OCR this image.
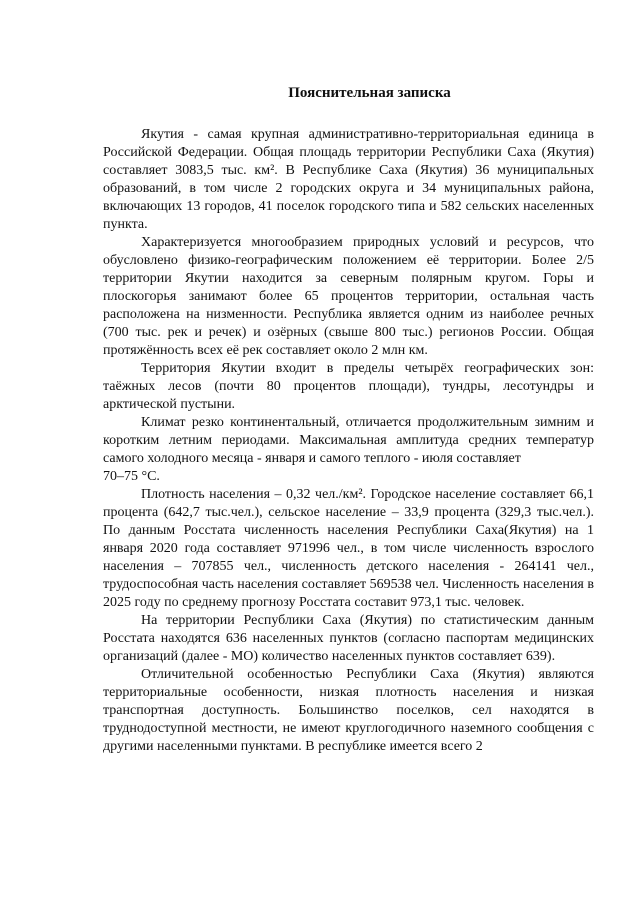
Пояснительная записка

Якутия - самая крупная административно-территориальная единица в Российской Федерации. Общая площадь территории Республики Саха (Якутия) составляет 3083,5 тыс. км². В Республике Саха (Якутия) 36 муниципальных образований, в том числе 2 городских округа и 34 муниципальных района, включающих 13 городов, 41 поселок городского типа и 582 сельских населенных пункта.

Характеризуется многообразием природных условий и ресурсов, что обусловлено физико-географическим положением её территории. Более 2/5 территории Якутии находится за северным полярным кругом. Горы и плоскогорья занимают более 65 процентов территории, остальная часть расположена на низменности. Республика является одним из наиболее речных (700 тыс. рек и речек) и озёрных (свыше 800 тыс.) регионов России. Общая протяжённость всех её рек составляет около 2 млн км.

Территория Якутии входит в пределы четырёх географических зон: таёжных лесов (почти 80 процентов площади), тундры, лесотундры и арктической пустыни.

Климат резко континентальный, отличается продолжительным зимним и коротким летним периодами. Максимальная амплитуда средних температур самого холодного месяца - января и самого теплого - июля составляет

70–75 °C.

Плотность населения – 0,32 чел./км². Городское население составляет 66,1 процента (642,7 тыс.чел.), сельское население – 33,9 процента (329,3 тыс.чел.). По данным Росстата численность населения Республики Саха(Якутия) на 1 января 2020 года составляет 971996 чел., в том числе численность взрослого населения – 707855 чел., численность детского населения - 264141 чел., трудоспособная часть населения составляет 569538 чел. Численность населения в 2025 году по среднему прогнозу Росстата составит 973,1 тыс. человек.

На территории Республики Саха (Якутия) по статистическим данным Росстата находятся 636 населенных пунктов (согласно паспортам медицинских организаций (далее - МО) количество населенных пунктов составляет 639).

Отличительной особенностью Республики Саха (Якутия) являются территориальные особенности, низкая плотность населения и низкая транспортная доступность. Большинство поселков, сел находятся в труднодоступной местности, не имеют круглогодичного наземного сообщения с другими населенными пунктами. В республике имеется всего 2
